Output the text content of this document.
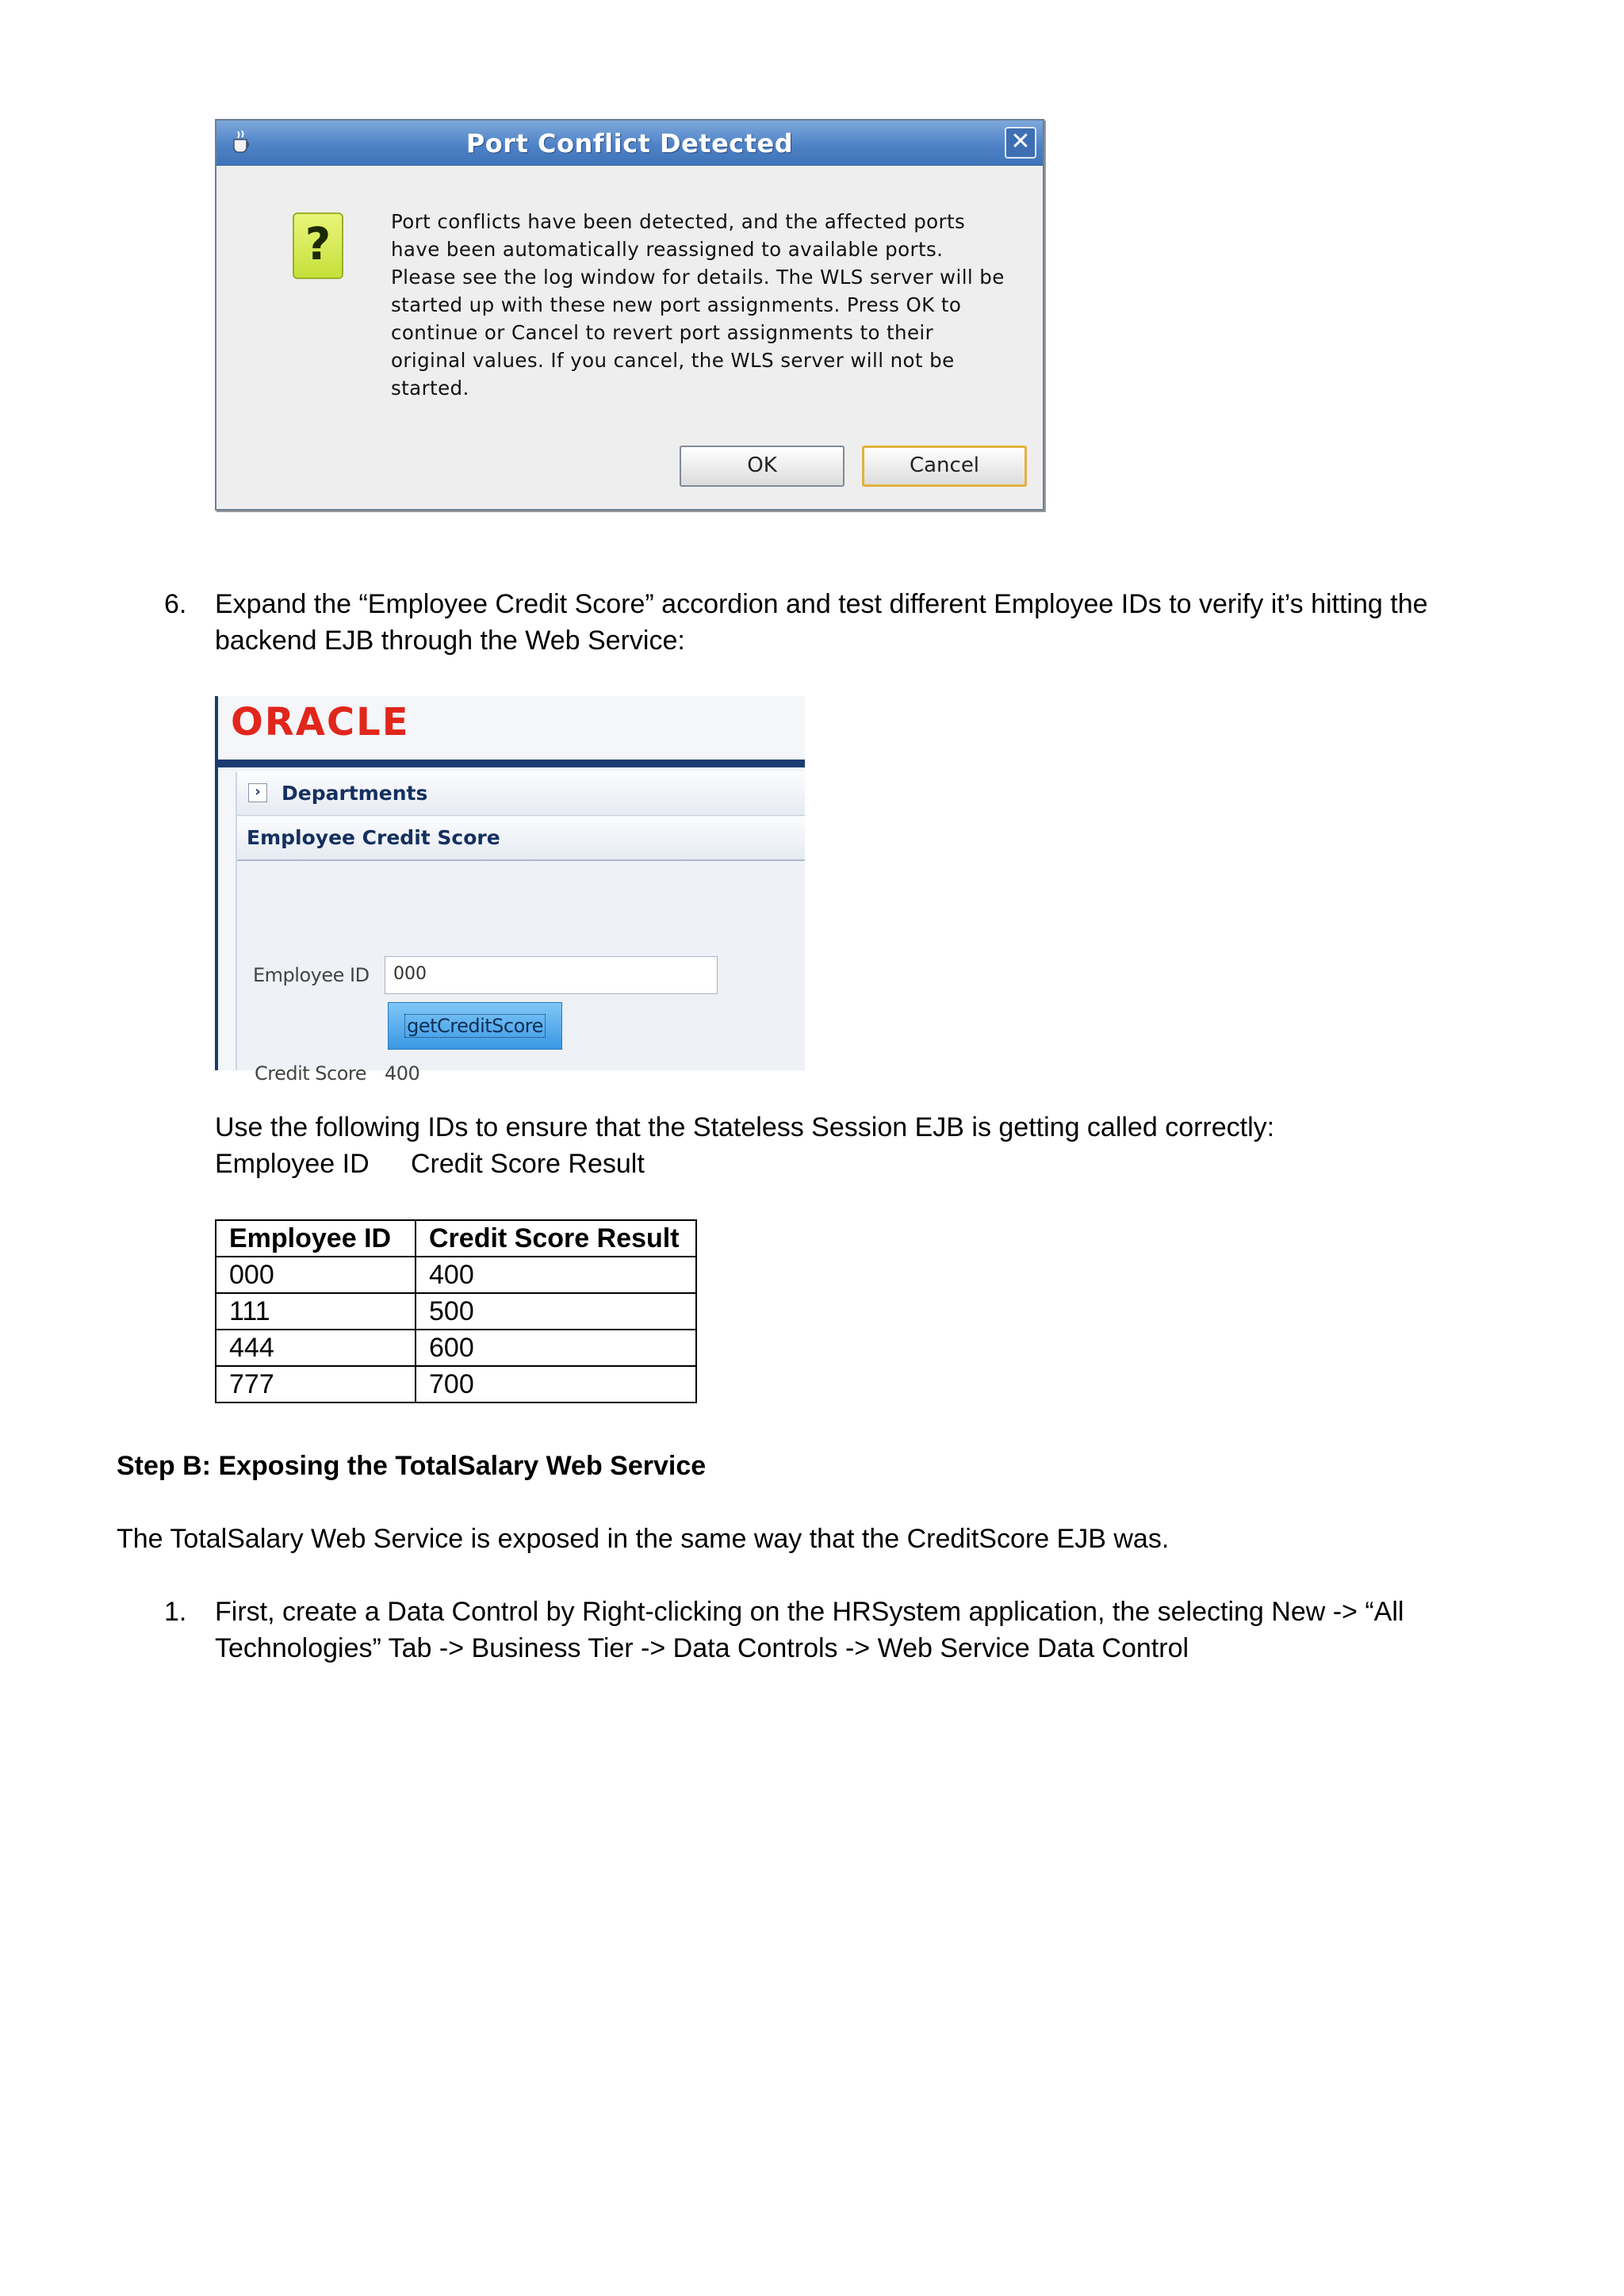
Port Conflict Detected	✕
?	Port conflicts have been detected, and the affected ports
have been automatically reassigned to available ports.
Please see the log window for details. The WLS server will be
started up with these new port assignments. Press OK to
continue or Cancel to revert port assignments to their
original values. If you cancel, the WLS server will not be
started.
OK	Cancel
6. Expand the “Employee Credit Score” accordion and test different Employee IDs to verify it’s hitting the
backend EJB through the Web Service:
ORACLE
›	Departments
Employee Credit Score
Employee ID	000
getCreditScore
Credit Score 400
Use the following IDs to ensure that the Stateless Session EJB is getting called correctly:
Employee ID Credit Score Result
Employee ID	Credit Score Result
000	400
111	500
444	600
777	700
Step B: Exposing the TotalSalary Web Service
The TotalSalary Web Service is exposed in the same way that the CreditScore EJB was.
1. First, create a Data Control by Right-clicking on the HRSystem application, the selecting New -> “All
Technologies” Tab -> Business Tier -> Data Controls -> Web Service Data Control
